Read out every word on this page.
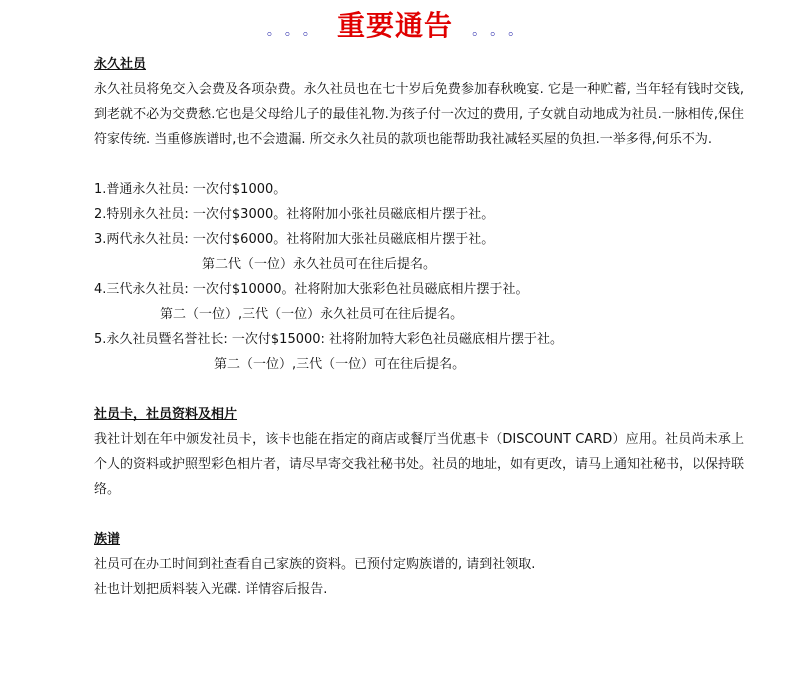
。。。 重要通告 。。。
永久社员

永久社员将免交入会费及各项杂费。永久社员也在七十岁后免费参加春秋晚宴. 它是一种贮蓄, 当年轻有钱时交钱,到老就不必为交费愁.它也是父母给儿子的最佳礼物.为孩子付一次过的费用, 子女就自动地成为社员.一脉相传,保住符家传统. 当重修族谱时,也不会遗漏. 所交永久社员的款项也能帮助我社减轻买屋的负担.一举多得,何乐不为.

1.普通永久社员: 一次付$1000。
2.特别永久社员: 一次付$3000。社将附加小张社员磁底相片摆于社。
3.两代永久社员: 一次付$6000。社将附加大张社员磁底相片摆于社。
第二代（一位）永久社员可在往后提名。
4.三代永久社员: 一次付$10000。社将附加大张彩色社员磁底相片摆于社。
第二（一位）,三代（一位）永久社员可在往后提名。
5.永久社员暨名誉社长: 一次付$15000: 社将附加特大彩色社员磁底相片摆于社。
第二（一位）,三代（一位）可在往后提名。
社员卡，社员资料及相片

我社计划在年中颁发社员卡，该卡也能在指定的商店或餐厅当优惠卡（DISCOUNT CARD）应用。社员尚未承上个人的资料或护照型彩色相片者，请尽早寄交我社秘书处。社员的地址，如有更改，请马上通知社秘书，以保持联络。

族谱
社员可在办工时间到社查看自己家族的资料。已预付定购族谱的, 请到社领取.
社也计划把质料装入光碟. 详情容后报告.
